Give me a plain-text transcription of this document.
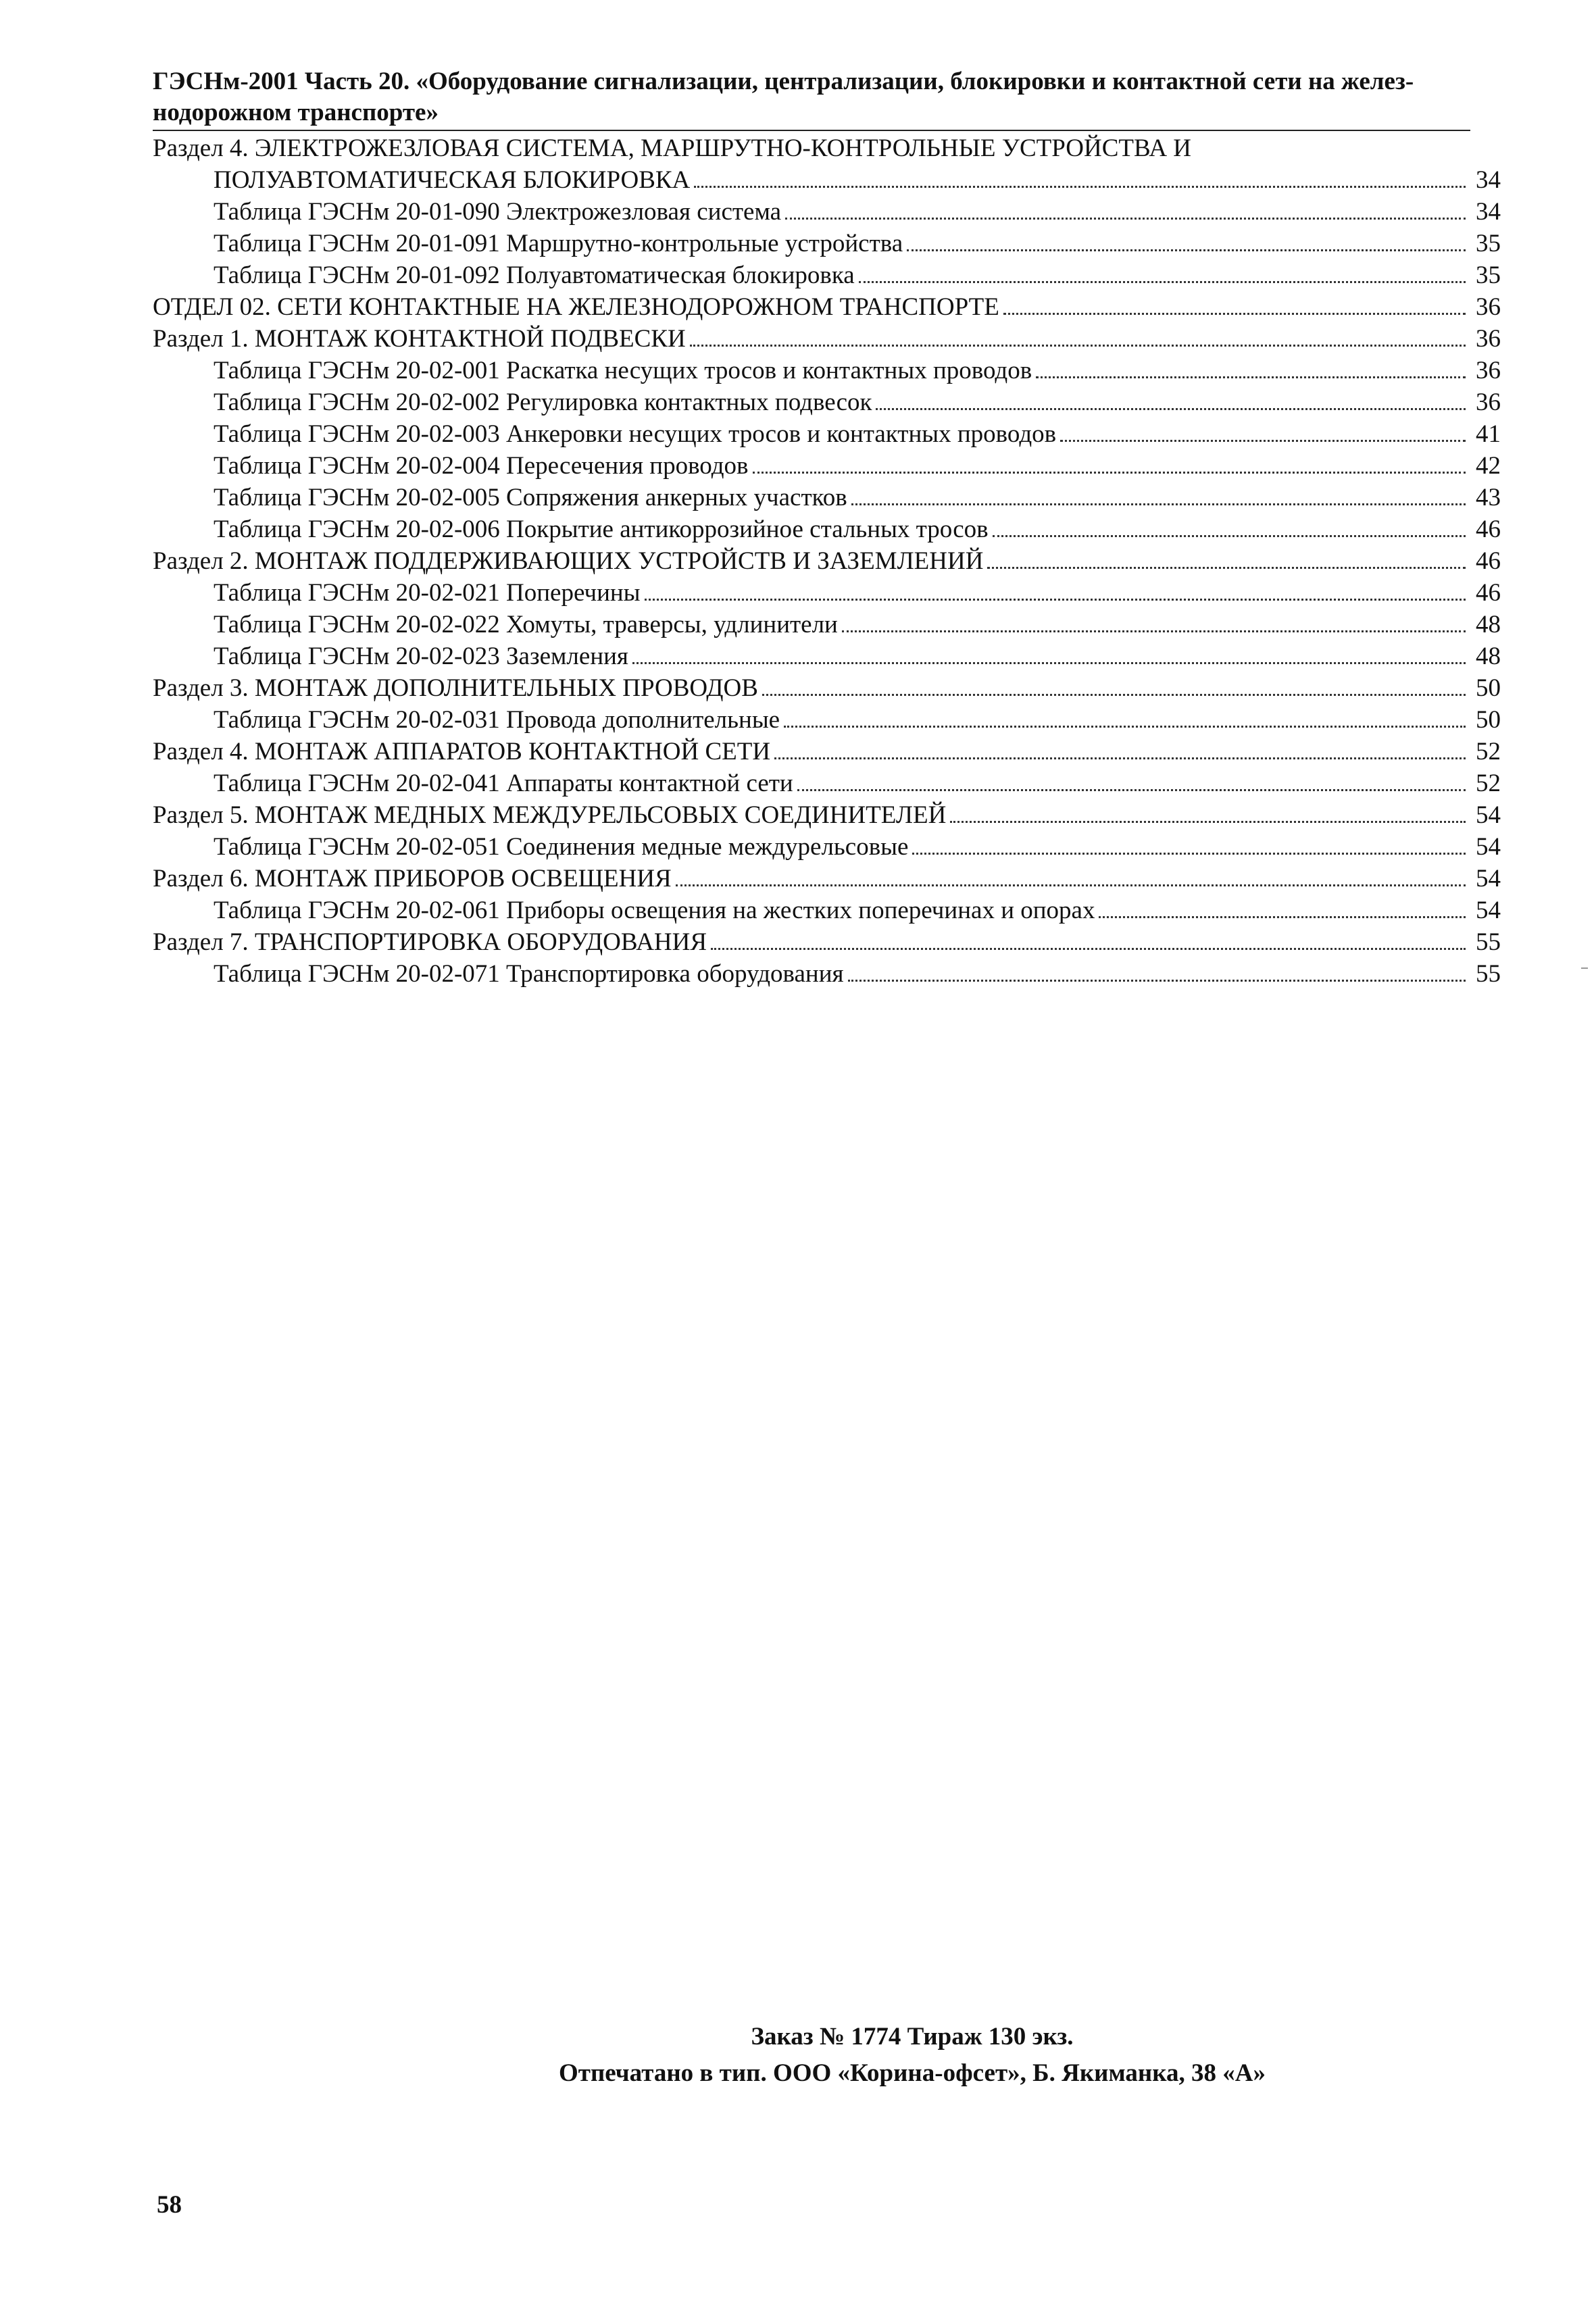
ГЭСНм-2001 Часть 20. «Оборудование сигнализации, централизации, блокировки и контактной сети на желез-
нодорожном транспорте»
Раздел 4. ЭЛЕКТРОЖЕЗЛОВАЯ СИСТЕМА, МАРШРУТНО-КОНТРОЛЬНЫЕ УСТРОЙСТВА И
ПОЛУАВТОМАТИЧЕСКАЯ БЛОКИРОВКА	34
Таблица ГЭСНм 20-01-090 Электрожезловая система	34
Таблица ГЭСНм 20-01-091 Маршрутно-контрольные устройства	35
Таблица ГЭСНм 20-01-092 Полуавтоматическая блокировка	35
ОТДЕЛ 02. СЕТИ КОНТАКТНЫЕ НА ЖЕЛЕЗНОДОРОЖНОМ ТРАНСПОРТЕ	36
Раздел 1. МОНТАЖ КОНТАКТНОЙ ПОДВЕСКИ	36
Таблица ГЭСНм 20-02-001 Раскатка несущих тросов и контактных проводов	36
Таблица ГЭСНм 20-02-002 Регулировка контактных подвесок	36
Таблица ГЭСНм 20-02-003 Анкеровки несущих тросов и контактных проводов	41
Таблица ГЭСНм 20-02-004 Пересечения проводов	42
Таблица ГЭСНм 20-02-005 Сопряжения анкерных участков	43
Таблица ГЭСНм 20-02-006 Покрытие антикоррозийное стальных тросов	46
Раздел 2. МОНТАЖ ПОДДЕРЖИВАЮЩИХ УСТРОЙСТВ И ЗАЗЕМЛЕНИЙ	46
Таблица ГЭСНм 20-02-021 Поперечины	46
Таблица ГЭСНм 20-02-022 Хомуты, траверсы, удлинители	48
Таблица ГЭСНм 20-02-023 Заземления	48
Раздел 3. МОНТАЖ ДОПОЛНИТЕЛЬНЫХ ПРОВОДОВ	50
Таблица ГЭСНм 20-02-031 Провода дополнительные	50
Раздел 4. МОНТАЖ АППАРАТОВ КОНТАКТНОЙ СЕТИ	52
Таблица ГЭСНм 20-02-041 Аппараты контактной сети	52
Раздел 5. МОНТАЖ МЕДНЫХ МЕЖДУРЕЛЬСОВЫХ СОЕДИНИТЕЛЕЙ	54
Таблица ГЭСНм 20-02-051 Соединения медные междурельсовые	54
Раздел 6. МОНТАЖ ПРИБОРОВ ОСВЕЩЕНИЯ	54
Таблица ГЭСНм 20-02-061 Приборы освещения на жестких поперечинах и опорах	54
Раздел 7. ТРАНСПОРТИРОВКА ОБОРУДОВАНИЯ	55
Таблица ГЭСНм 20-02-071 Транспортировка оборудования	55
Заказ № 1774 Тираж 130 экз.
Отпечатано в тип. ООО «Корина-офсет», Б. Якиманка, 38 «А»
58
